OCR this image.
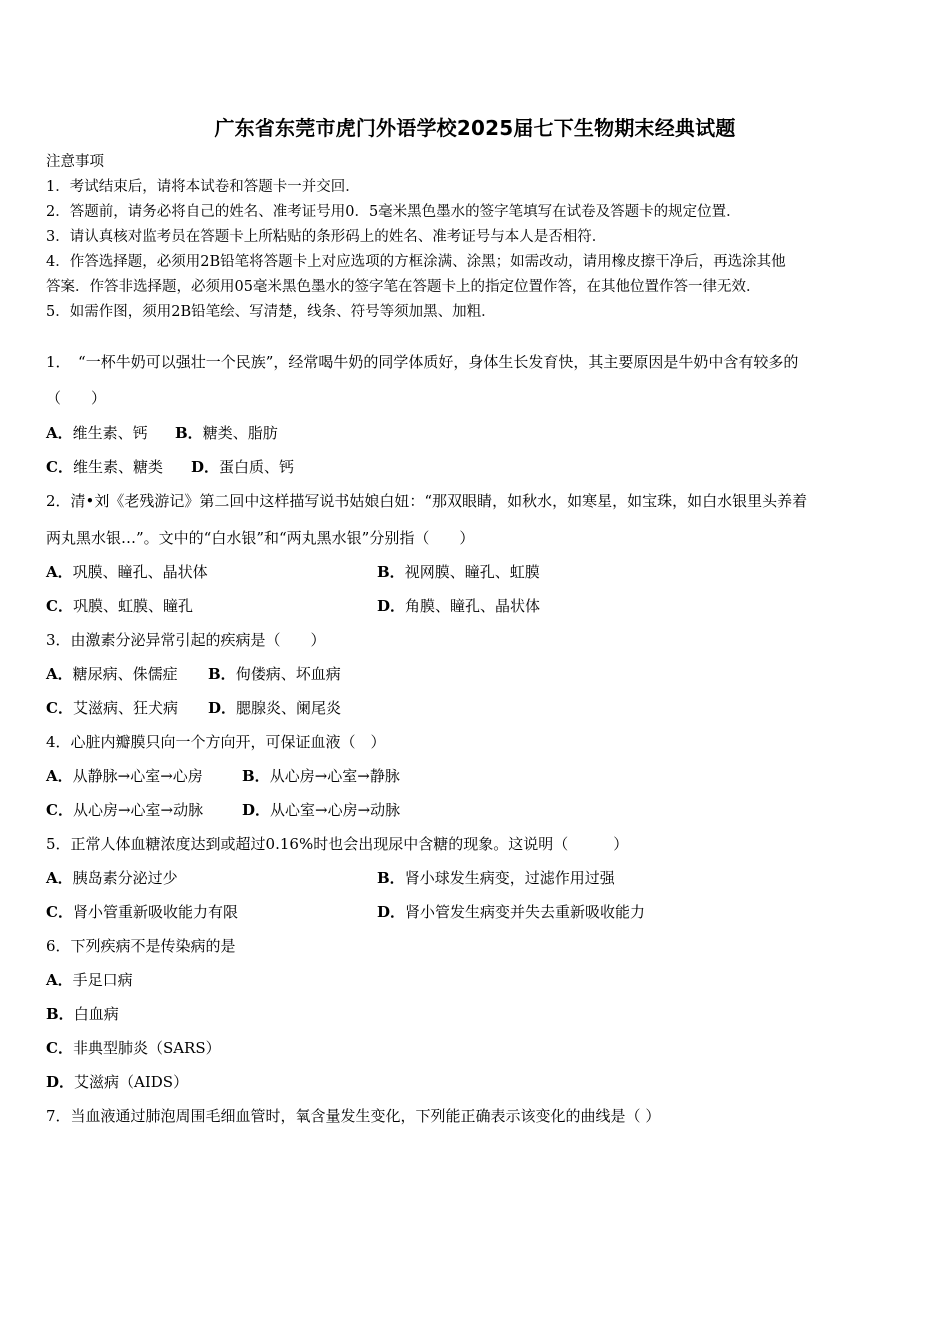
广东省东莞市虎门外语学校2025届七下生物期末经典试题
注意事项
1．考试结束后，请将本试卷和答题卡一并交回．
2．答题前，请务必将自己的姓名、准考证号用0．5毫米黑色墨水的签字笔填写在试卷及答题卡的规定位置．
3．请认真核对监考员在答题卡上所粘贴的条形码上的姓名、准考证号与本人是否相符．
4．作答选择题，必须用2B铅笔将答题卡上对应选项的方框涂满、涂黑；如需改动，请用橡皮擦干净后，再选涂其他
答案．作答非选择题，必须用05毫米黑色墨水的签字笔在答题卡上的指定位置作答，在其他位置作答一律无效．
5．如需作图，须用2B铅笔绘、写清楚，线条、符号等须加黑、加粗．
1．　“一杯牛奶可以强壮一个民族”，经常喝牛奶的同学体质好，身体生长发育快，其主要原因是牛奶中含有较多的
（　　）
A．维生素、钙 B．糖类、脂肪
C．维生素、糖类 D．蛋白质、钙
2．清•刘《老残游记》第二回中这样描写说书姑娘白妞：“那双眼睛，如秋水，如寒星，如宝珠，如白水银里头养着
两丸黑水银…”。文中的“白水银”和“两丸黑水银”分别指（　　）
A．巩膜、瞳孔、晶状体	B．视网膜、瞳孔、虹膜
C．巩膜、虹膜、瞳孔	D．角膜、瞳孔、晶状体
3．由激素分泌异常引起的疾病是（　　）
A．糖尿病、侏儒症 B．佝偻病、坏血病
C．艾滋病、狂犬病 D．腮腺炎、阑尾炎
4．心脏内瓣膜只向一个方向开，可保证血液（　）
A．从静脉→心室→心房	B．从心房→心室→静脉
C．从心房→心室→动脉	D．从心室→心房→动脉
5．正常人体血糖浓度达到或超过0.16%时也会出现尿中含糖的现象。这说明（　　　）
A．胰岛素分泌过少	B．肾小球发生病变，过滤作用过强
C．肾小管重新吸收能力有限	D．肾小管发生病变并失去重新吸收能力
6．下列疾病不是传染病的是
A．手足口病
B．白血病
C．非典型肺炎（SARS）
D．艾滋病（AIDS）
7．当血液通过肺泡周围毛细血管时，氧含量发生变化，下列能正确表示该变化的曲线是（ ）
